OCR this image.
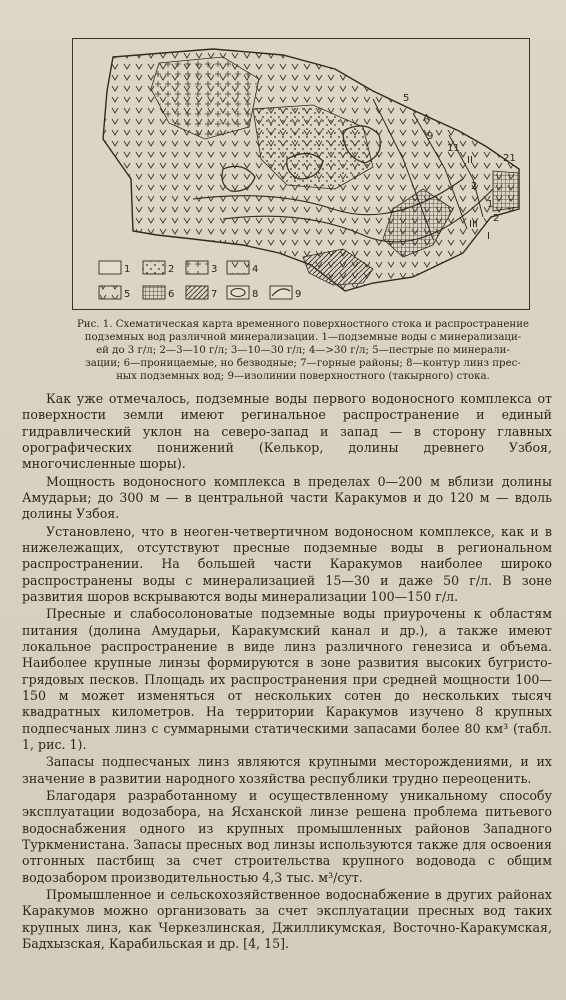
5
A
9
11
II	21
2
1
2
III
I
1	2	3	4
5	6	7	8	9
Рис. 1. Схематическая карта временного поверхностного стока и распространение
подземных вод различной минерализации. 1—подземные воды с минерализаци-
ей до 3 г/л; 2—3—10 г/л; 3—10—30 г/л; 4—>30 г/л; 5—пестрые по минерали-
зации; 6—проницаемые, но безводные; 7—горные районы; 8—контур линз прес-
ных подземных вод; 9—изолинии поверхностного (такырного) стока.

Как уже отмечалось, подземные воды первого водоносного комплекса от поверхности земли имеют регинальное распространение и единый гидравлический уклон на северо-запад и запад — в сторону главных орографических понижений (Келькор, долины древнего Узбоя, многочисленные шоры).

Мощность водоносного комплекса в пределах 0—200 м вблизи долины Амударьи; до 300 м — в центральной части Каракумов и до 120 м — вдоль долины Узбоя.

Установлено, что в неоген-четвертичном водоносном комплексе, как и в нижележащих, отсутствуют пресные подземные воды в региональном распространении. На большей части Каракумов наиболее широко распространены воды с минерализацией 15—30 и даже 50 г/л. В зоне развития шоров вскрываются воды минерализации 100—150 г/л.

Пресные и слабосолоноватые подземные воды приурочены к областям питания (долина Амударьи, Каракумский канал и др.), а также имеют локальное распространение в виде линз различного генезиса и объема. Наиболее крупные линзы формируются в зоне развития высоких бугристо-грядовых песков. Площадь их распространения при средней мощности 100—150 м может изменяться от нескольких сотен до нескольких тысяч квадратных километров. На территории Каракумов изучено 8 крупных подпесчаных линз с суммарными статическими запасами более 80 км³ (табл. 1, рис. 1).

Запасы подпесчаных линз являются крупными месторождениями, и их значение в развитии народного хозяйства республики трудно переоценить.

Благодаря разработанному и осуществленному уникальному способу эксплуатации водозабора, на Ясханской линзе решена проблема питьевого водоснабжения одного из крупных промышленных районов Западного Туркменистана. Запасы пресных вод линзы используются также для освоения отгонных пастбищ за счет строительства крупного водовода с общим водозабором производительностью 4,3 тыс. м³/сут.

Промышленное и сельскохозяйственное водоснабжение в других районах Каракумов можно организовать за счет эксплуатации пресных вод таких крупных линз, как Черкезлинская, Джилликумская, Восточно-Каракумская, Бадхызская, Карабильская и др. [4, 15].
